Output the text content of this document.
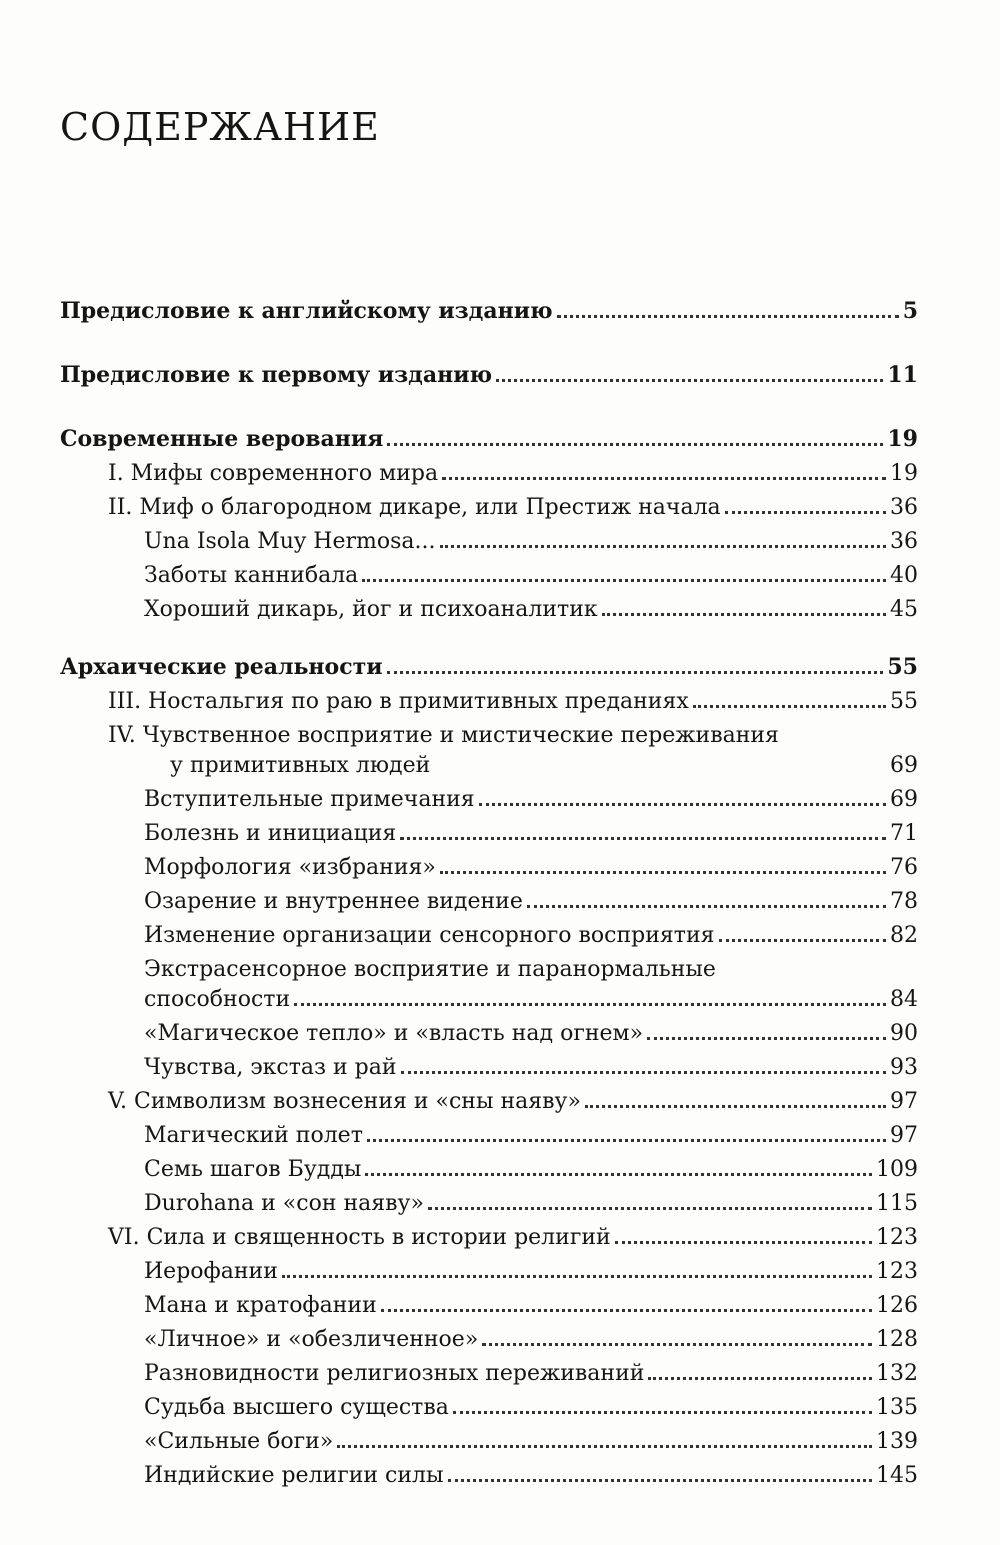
СОДЕРЖАНИЕ
Предисловие к английскому изданию	5
Предисловие к первому изданию	11
Современные верования	19
I. Мифы современного мира	19
II. Миф о благородном дикаре, или Престиж начала	36
Una Isola Muy Hermosa...	36
Заботы каннибала	40
Хороший дикарь, йог и психоаналитик	45
Архаические реальности	55
III. Ностальгия по раю в примитивных преданиях	55
IV. Чувственное восприятие и мистические переживания
у примитивных людей	69
Вступительные примечания	69
Болезнь и инициация	71
Морфология «избрания»	76
Озарение и внутреннее видение	78
Изменение организации сенсорного восприятия	82
Экстрасенсорное восприятие и паранормальные
способности	84
«Магическое тепло» и «власть над огнем»	90
Чувства, экстаз и рай	93
V. Символизм вознесения и «сны наяву»	97
Магический полет	97
Семь шагов Будды	109
Durohana и «сон наяву»	115
VI. Сила и священность в истории религий	123
Иерофании	123
Мана и кратофании	126
«Личное» и «обезличенное»	128
Разновидности религиозных переживаний	132
Судьба высшего существа	135
«Сильные боги»	139
Индийские религии силы	145
